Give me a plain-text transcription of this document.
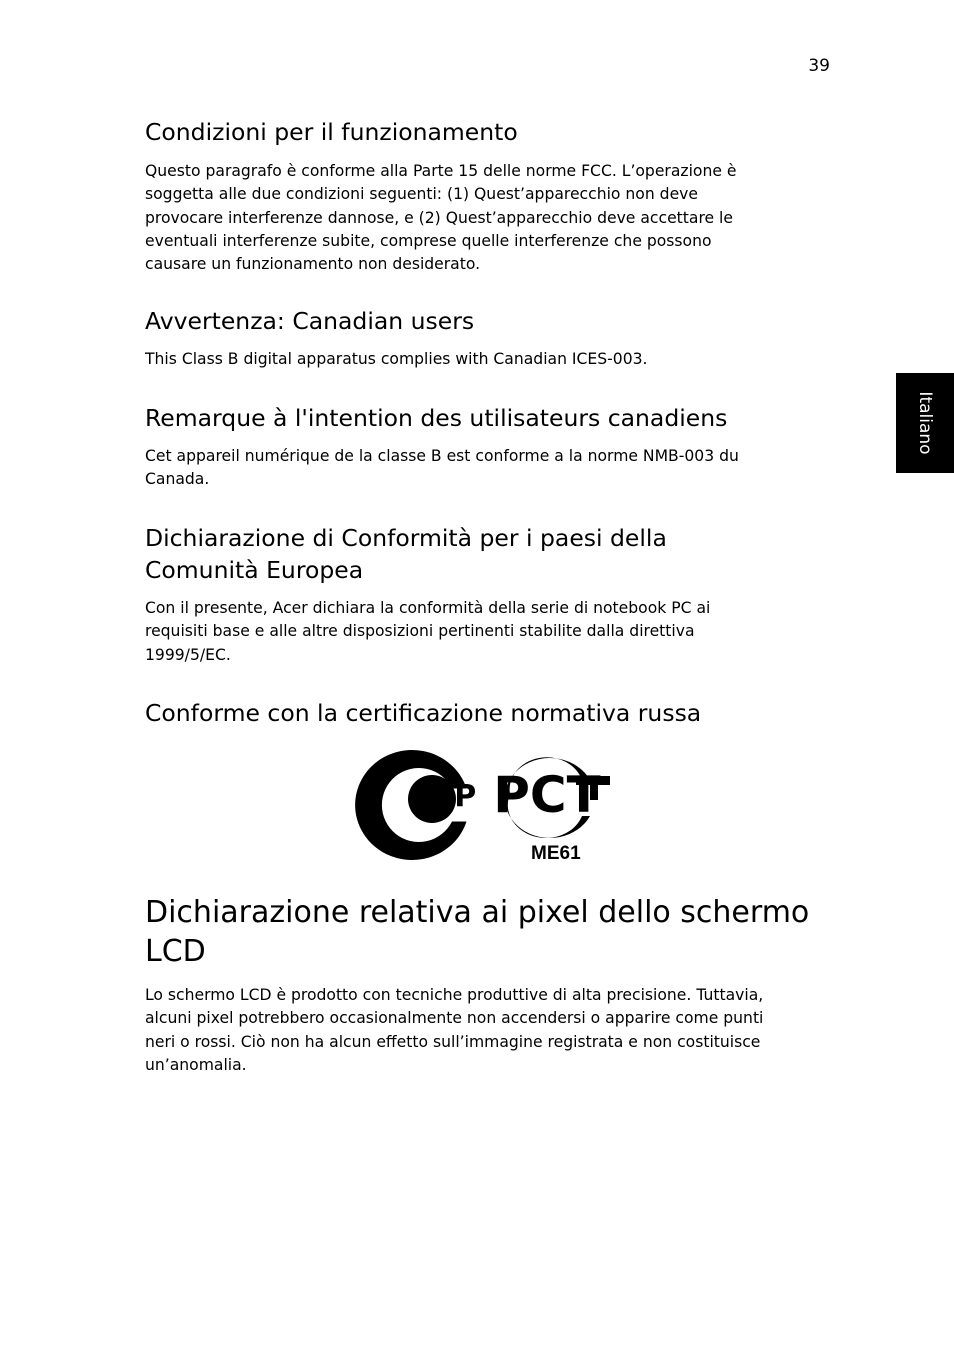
39
Italiano
Condizioni per il funzionamento

Questo paragrafo è conforme alla Parte 15 delle norme FCC. L’operazione è
soggetta alle due condizioni seguenti: (1) Quest’apparecchio non deve
provocare interferenze dannose, e (2) Quest’apparecchio deve accettare le
eventuali interferenze subite, comprese quelle interferenze che possono
causare un funzionamento non desiderato.

Avvertenza: Canadian users

This Class B digital apparatus complies with Canadian ICES-003.

Remarque à l'intention des utilisateurs canadiens

Cet appareil numérique de la classe B est conforme a la norme NMB-003 du
Canada.

Dichiarazione di Conformità per i paesi della
Comunità Europea

Con il presente, Acer dichiara la conformità della serie di notebook PC ai
requisiti base e alle altre disposizioni pertinenti stabilite dalla direttiva
1999/5/EC.

Conforme con la certificazione normativa russa
Dichiarazione relativa ai pixel dello schermo
LCD

Lo schermo LCD è prodotto con tecniche produttive di alta precisione. Tuttavia,
alcuni pixel potrebbero occasionalmente non accendersi o apparire come punti
neri o rossi. Ciò non ha alcun effetto sull’immagine registrata e non costituisce
un’anomalia.

TP PCT
ME61
